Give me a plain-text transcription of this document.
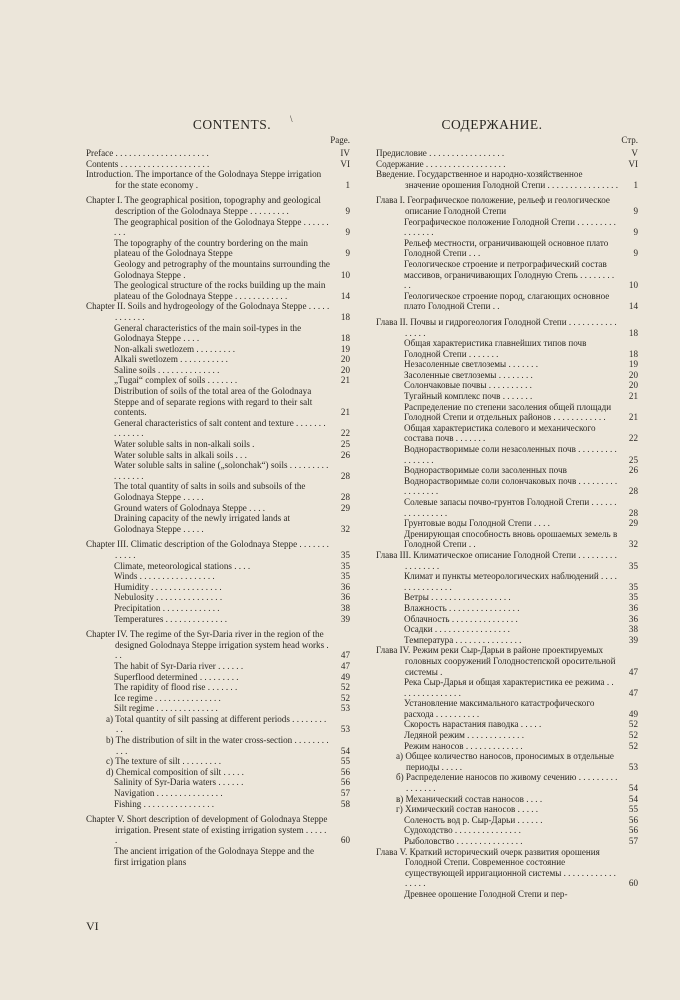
\
CONTENTS.
Page.
Preface . . . . . . . . . . . . . . . . . . . . .	IV
Contents . . . . . . . . . . . . . . . . . . . .	VI
Introduction. The importance of the Golodnaya Steppe irrigation for the state economy .	1
Chapter I. The geographical position, topography and geological description of the Golodnaya Steppe . . . . . . . . .	9
The geographical position of the Golodnaya Steppe . . . . . . . . .	9
The topography of the country bordering on the main plateau of the Golodnaya Steppe	9
Geology and petrography of the mountains surrounding the Golodnaya Steppe .	10
The geological structure of the rocks building up the main plateau of the Golodnaya Steppe . . . . . . . . . . . .	14
Chapter II. Soils and hydrogeology of the Golodnaya Steppe . . . . . . . . . . . .	18
General characteristics of the main soil-types in the Golodnaya Steppe . . . .	18
Non-alkali swetlozem . . . . . . . . .	19
Alkali swetlozem . . . . . . . . . . .	20
Saline soils . . . . . . . . . . . . . .	20
„Tugai“ complex of soils . . . . . . .	21
Distribution of soils of the total area of the Golodnaya Steppe and of separate regions with regard to their salt contents.	21
General characteristics of salt content and texture . . . . . . . . . . . . . .	22
Water soluble salts in non-alkali soils .	25
Water soluble salts in alkali soils . . .	26
Water soluble salts in saline („solonchak“) soils . . . . . . . . . . . . . . . .	28
The total quantity of salts in soils and subsoils of the Golodnaya Steppe . . . . .	28
Ground waters of Golodnaya Steppe . . . .	29
Draining capacity of the newly irrigated lands at Golodnaya Steppe . . . . .	32
Chapter III. Climatic description of the Golodnaya Steppe . . . . . . . . . . . .	35
Climate, meteorological stations . . . .	35
Winds . . . . . . . . . . . . . . . . .	35
Humidity . . . . . . . . . . . . . . . .	36
Nebulosity . . . . . . . . . . . . . . .	36
Precipitation . . . . . . . . . . . . .	38
Temperatures . . . . . . . . . . . . . .	39
Chapter IV. The regime of the Syr-Daria river in the region of the designed Golodnaya Steppe irrigation system head works . . .	47
The habit of Syr-Daria river . . . . . .	47
Superflood determined . . . . . . . . .	49
The rapidity of flood rise . . . . . . .	52
Ice regime . . . . . . . . . . . . . . .	52
Silt regime . . . . . . . . . . . . . .	53
a) Total quantity of silt passing at different periods . . . . . . . . . .	53
b) The distribution of silt in the water cross-section . . . . . . . . . . .	54
c) The texture of silt . . . . . . . . .	55
d) Chemical composition of silt . . . . .	56
Salinity of Syr-Daria waters . . . . . .	56
Navigation . . . . . . . . . . . . . . .	57
Fishing . . . . . . . . . . . . . . . .	58
Chapter V. Short description of development of Golodnaya Steppe irrigation. Present state of existing irrigation system . . . . . .	60
The ancient irrigation of the Golodnaya Steppe and the first irrigation plans
СОДЕРЖАНИЕ.
Стр.
Предисловие . . . . . . . . . . . . . . . . .	V
Содержание . . . . . . . . . . . . . . . . . .	VI
Введение. Государственное и народно-хозяйственное значение орошения Голодной Степи . . . . . . . . . . . . . . . .	1
Глава I. Географическое положение, рельеф и геологическое описание Голодной Степи	9
Географическое положение Голодной Степи . . . . . . . . . . . . . . . .	9
Рельеф местности, ограничивающей основное плато Голодной Степи . . .	9
Геологическое строение и петрографический состав массивов, ограничивающих Голодную Степь . . . . . . . . . .	10
Геологическое строение пород, слагающих основное плато Голодной Степи . .	14
Глава II. Почвы и гидрогеология Голодной Степи . . . . . . . . . . . . . . . .	18
Общая характеристика главнейших типов почв Голодной Степи . . . . . . .	18
Незасоленные светлоземы . . . . . . .	19
Засоленные светлоземы . . . . . . . .	20
Солончаковые почвы . . . . . . . . . .	20
Тугайный комплекс почв . . . . . . .	21
Распределение по степени засоления общей площади Голодной Степи и отдельных районов . . . . . . . . . . . .	21
Общая характеристика солевого и механического состава почв . . . . . . .	22
Воднорастворимые соли незасоленных почв . . . . . . . . . . . . . . . .	25
Воднорастворимые соли засоленных почв	26
Воднорастворимые соли солончаковых почв . . . . . . . . . . . . . . . . .	28
Солевые запасы почво-грунтов Голодной Степи . . . . . . . . . . . . . . . .	28
Грунтовые воды Голодной Степи . . . .	29
Дренирующая способность вновь орошаемых земель в Голодной Степи . .	32
Глава III. Климатическое описание Голодной Степи . . . . . . . . . . . . . . . . .	35
Климат и пункты метеорологических наблюдений . . . . . . . . . . . . . . .	35
Ветры . . . . . . . . . . . . . . . . . .	35
Влажность . . . . . . . . . . . . . . . .	36
Облачность . . . . . . . . . . . . . . .	36
Осадки . . . . . . . . . . . . . . . . .	38
Температура . . . . . . . . . . . . . . .	39
Глава IV. Режим реки Сыр-Дарьи в районе проектируемых головных сооружений Голодностепской оросительной системы .	47
Река Сыр-Дарья и общая характеристика ее режима . . . . . . . . . . . . . . .	47
Установление максимального катастрофического расхода . . . . . . . . . .	49
Скорость нарастания паводка . . . . .	52
Ледяной режим . . . . . . . . . . . . .	52
Режим наносов . . . . . . . . . . . . .	52
а) Общее количество наносов, проносимых в отдельные периоды . . . . .	53
б) Распределение наносов по живому сечению . . . . . . . . . . . . . . . .	54
в) Механический состав наносов . . . .	54
г) Химический состав наносов . . . . .	55
Соленость вод р. Сыр-Дарьи . . . . . .	56
Судоходство . . . . . . . . . . . . . . .	56
Рыболовство . . . . . . . . . . . . . . .	57
Глава V. Краткий исторический очерк развития орошения Голодной Степи. Современное состояние существующей ирригационной системы . . . . . . . . . . . . . . . . .	60
Древнее орошение Голодной Степи и пер-
VI
